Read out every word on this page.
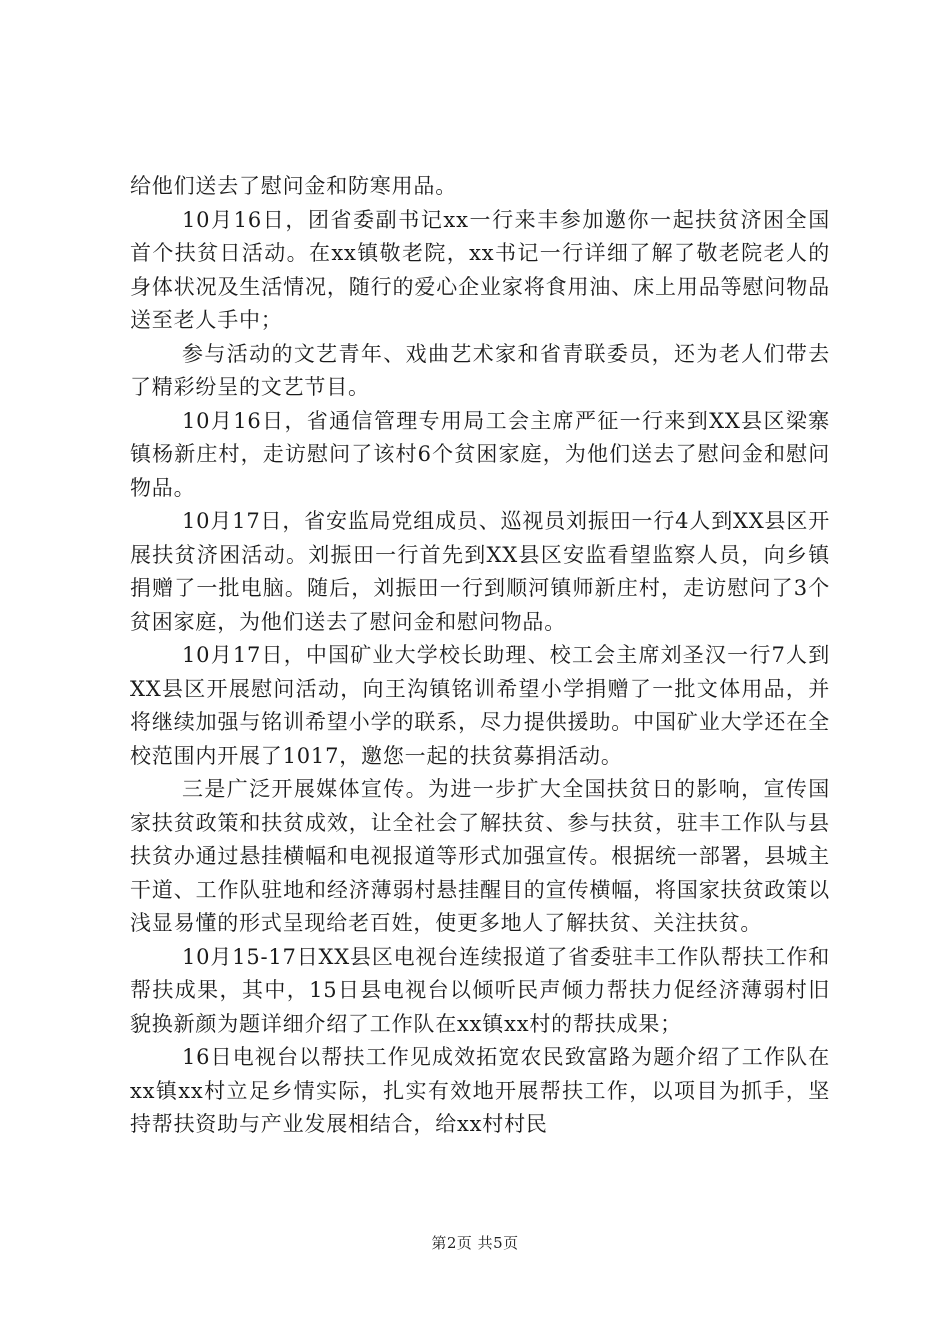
给他们送去了慰问金和防寒用品。

10月16日，团省委副书记xx一行来丰参加邀你一起扶贫济困全国首个扶贫日活动。在xx镇敬老院，xx书记一行详细了解了敬老院老人的身体状况及生活情况，随行的爱心企业家将食用油、床上用品等慰问物品送至老人手中；

参与活动的文艺青年、戏曲艺术家和省青联委员，还为老人们带去了精彩纷呈的文艺节目。

10月16日，省通信管理专用局工会主席严征一行来到XX县区梁寨镇杨新庄村，走访慰问了该村6个贫困家庭，为他们送去了慰问金和慰问物品。

10月17日，省安监局党组成员、巡视员刘振田一行4人到XX县区开展扶贫济困活动。刘振田一行首先到XX县区安监看望监察人员，向乡镇捐赠了一批电脑。随后，刘振田一行到顺河镇师新庄村，走访慰问了3个贫困家庭，为他们送去了慰问金和慰问物品。

10月17日，中国矿业大学校长助理、校工会主席刘圣汉一行7人到XX县区开展慰问活动，向王沟镇铭训希望小学捐赠了一批文体用品，并将继续加强与铭训希望小学的联系，尽力提供援助。中国矿业大学还在全校范围内开展了1017，邀您一起的扶贫募捐活动。

三是广泛开展媒体宣传。为进一步扩大全国扶贫日的影响，宣传国家扶贫政策和扶贫成效，让全社会了解扶贫、参与扶贫，驻丰工作队与县扶贫办通过悬挂横幅和电视报道等形式加强宣传。根据统一部署，县城主干道、工作队驻地和经济薄弱村悬挂醒目的宣传横幅，将国家扶贫政策以浅显易懂的形式呈现给老百姓，使更多地人了解扶贫、关注扶贫。

10月15-17日XX县区电视台连续报道了省委驻丰工作队帮扶工作和帮扶成果，其中，15日县电视台以倾听民声倾力帮扶力促经济薄弱村旧貌换新颜为题详细介绍了工作队在xx镇xx村的帮扶成果；

16日电视台以帮扶工作见成效拓宽农民致富路为题介绍了工作队在xx镇xx村立足乡情实际，扎实有效地开展帮扶工作，以项目为抓手，坚持帮扶资助与产业发展相结合，给xx村村民

第2页 共5页
